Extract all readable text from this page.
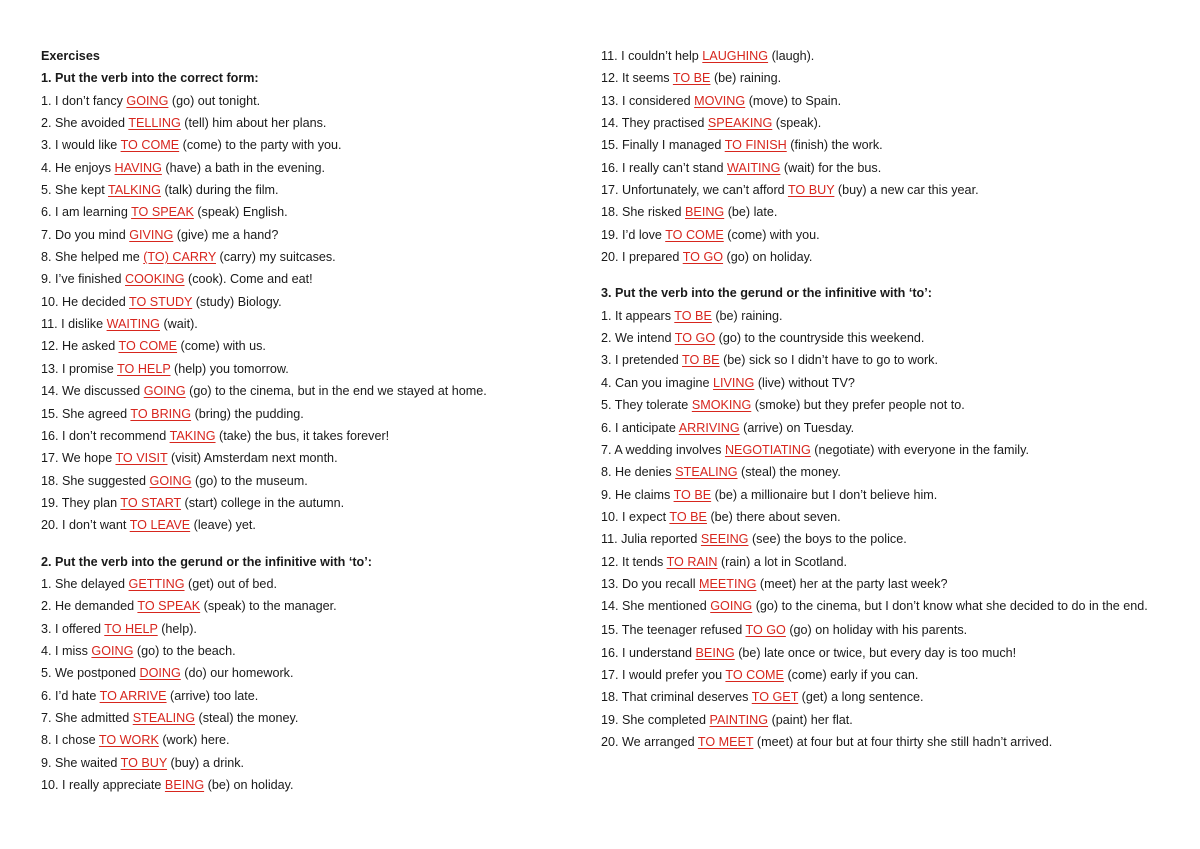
Exercises
1. Put the verb into the correct form:
1. I don’t fancy GOING (go) out tonight.
2. She avoided TELLING (tell) him about her plans.
3. I would like TO COME (come) to the party with you.
4. He enjoys HAVING (have) a bath in the evening.
5. She kept TALKING (talk) during the film.
6. I am learning TO SPEAK (speak) English.
7. Do you mind GIVING (give) me a hand?
8. She helped me (TO) CARRY (carry) my suitcases.
9. I’ve finished COOKING (cook). Come and eat!
10. He decided TO STUDY (study) Biology.
11. I dislike WAITING (wait).
12. He asked TO COME (come) with us.
13. I promise TO HELP (help) you tomorrow.
14. We discussed GOING (go) to the cinema, but in the end we stayed at home.
15. She agreed TO BRING (bring) the pudding.
16. I don’t recommend TAKING (take) the bus, it takes forever!
17. We hope TO VISIT (visit) Amsterdam next month.
18. She suggested GOING (go) to the museum.
19. They plan TO START (start) college in the autumn.
20. I don’t want TO LEAVE (leave) yet.
2. Put the verb into the gerund or the infinitive with ‘to’:
1. She delayed GETTING (get) out of bed.
2. He demanded TO SPEAK (speak) to the manager.
3. I offered TO HELP (help).
4. I miss GOING (go) to the beach.
5. We postponed DOING (do) our homework.
6. I’d hate TO ARRIVE (arrive) too late.
7. She admitted STEALING (steal) the money.
8. I chose TO WORK (work) here.
9. She waited TO BUY (buy) a drink.
10. I really appreciate BEING (be) on holiday.
11. I couldn’t help LAUGHING (laugh).
12. It seems TO BE (be) raining.
13. I considered MOVING (move) to Spain.
14. They practised SPEAKING (speak).
15. Finally I managed TO FINISH (finish) the work.
16. I really can’t stand WAITING (wait) for the bus.
17. Unfortunately, we can’t afford TO BUY (buy) a new car this year.
18. She risked BEING (be) late.
19. I’d love TO COME (come) with you.
20. I prepared TO GO (go) on holiday.
3. Put the verb into the gerund or the infinitive with ‘to’:
1. It appears TO BE (be) raining.
2. We intend TO GO (go) to the countryside this weekend.
3. I pretended TO BE (be) sick so I didn’t have to go to work.
4. Can you imagine LIVING (live) without TV?
5. They tolerate SMOKING (smoke) but they prefer people not to.
6. I anticipate ARRIVING (arrive) on Tuesday.
7. A wedding involves NEGOTIATING (negotiate) with everyone in the family.
8. He denies STEALING (steal) the money.
9. He claims TO BE (be) a millionaire but I don’t believe him.
10. I expect TO BE (be) there about seven.
11. Julia reported SEEING (see) the boys to the police.
12. It tends TO RAIN (rain) a lot in Scotland.
13. Do you recall MEETING (meet) her at the party last week?
14. She mentioned GOING (go) to the cinema, but I don’t know what she decided to do in the end.
15. The teenager refused TO GO (go) on holiday with his parents.
16. I understand BEING (be) late once or twice, but every day is too much!
17. I would prefer you TO COME (come) early if you can.
18. That criminal deserves TO GET (get) a long sentence.
19. She completed PAINTING (paint) her flat.
20. We arranged TO MEET (meet) at four but at four thirty she still hadn’t arrived.
